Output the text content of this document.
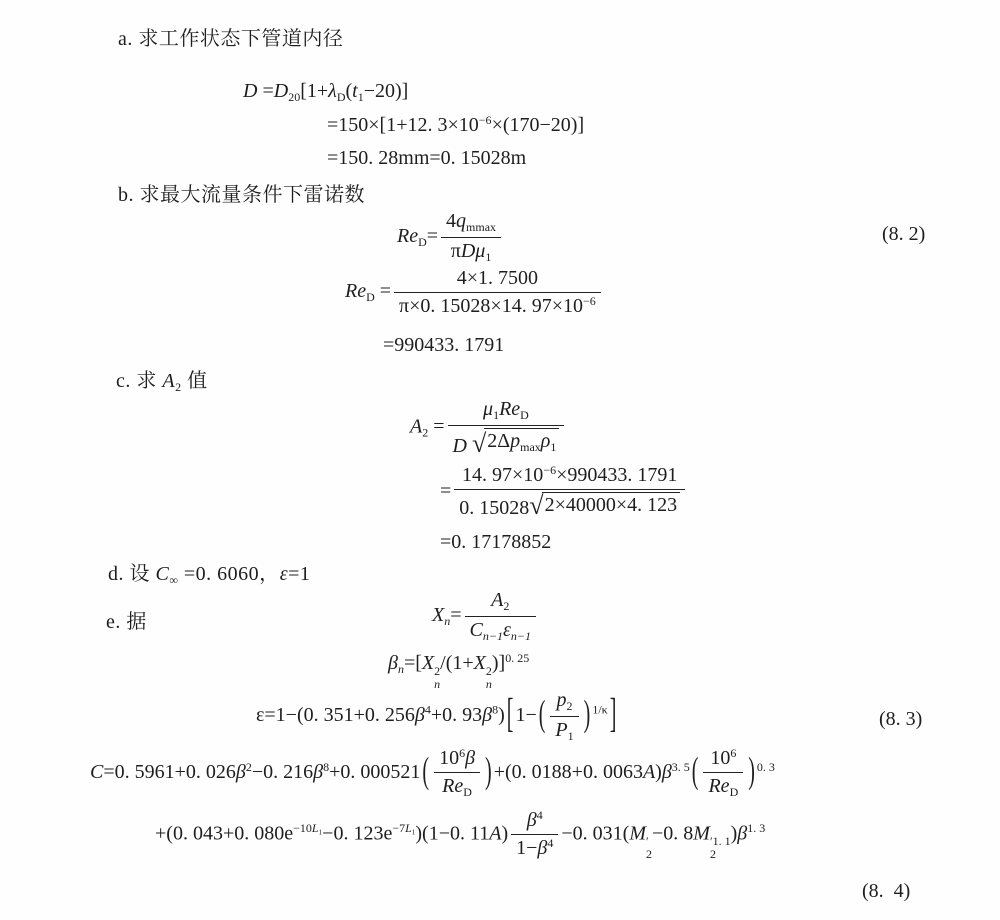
a. 求工作状态下管道内径
$D =D_{20}[1+\lambda_D(t_1-20)]$
=150×[1+12. $3\times 10^{-6}\times(170-20)$]
=150. 28mm=0. 15028m
b. 求最大流量条件下雷诺数
$Re_D= \frac{4q_{mmax}}{\pi D\mu_1}$	(8. 2)
$Re_D = \frac{4\times 1. 7500}{\pi\times 0. 15028\times 14. 97\times 10^{-6}}$
=990433. 1791
c. 求 $A_2$ 值
$A_2 = \frac{\mu_1Re_D}{D √ 2\Delta p_{max}\rho_1}$
= $\frac{14. 97\times 10^{-6}\times 990433. 1791}{0. 15028 √ 2\times 40000\times 4. 123}$
=0. 17178852
d. 设 $C_\infty =0$. 6060，ε=1
e. 据	$X_n= \frac{A_2}{C_{n-1}\varepsilon_{n-1}}$
$\beta_n=[X$ 2
n
/(1+X 2
n
)]$^{0. 25}$
ε=1−(0. 351+0. $256\beta^4+0$. $93\beta^8$) [ 1− ( $\frac{p_2}{P_1}$ ) $^{1/\kappa}$ ]	(8. 3)
C=0. 5961+0. $026\beta^2-0$. $216\beta^8+0$. 000521 ( $\frac{10^6\beta}{Re_D}$ ) +(0. 0188+0. $0063A)\beta^{3. 5}$ ( $\frac{10^6}{Re_D}$ ) $^{0. 3}$
+(0. 043+0. $080e^{-10L_1}-0$. $123e^{-7L_1})(1-0$. $11A) \frac{\beta^4}{1-\beta^4} -0$. 031(M ′
2
−0. 8M ′1. 1
2
)$\beta^{1. 3}$
(8.  4)
